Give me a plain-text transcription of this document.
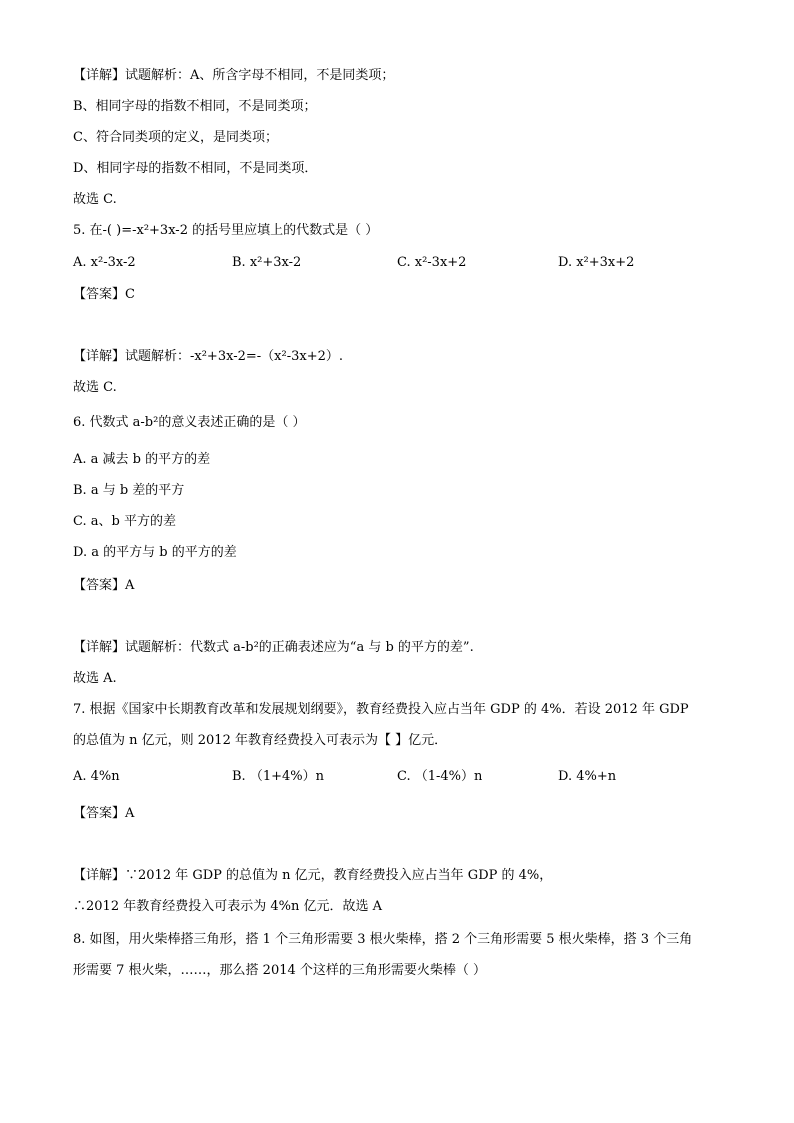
【详解】试题解析：A、所含字母不相同，不是同类项；
B、相同字母的指数不相同，不是同类项；
C、符合同类项的定义，是同类项；
D、相同字母的指数不相同，不是同类项．
故选 C.
5. 在-( )=-x²+3x-2 的括号里应填上的代数式是（ ）
A. x²-3x-2	B. x²+3x-2	C. x²-3x+2	D. x²+3x+2
【答案】C
【详解】试题解析：-x²+3x-2=-（x²-3x+2）.
故选 C.
6. 代数式 a-b²的意义表述正确的是（ ）
A. a 减去 b 的平方的差
B. a 与 b 差的平方
C. a、b 平方的差
D. a 的平方与 b 的平方的差
【答案】A
【详解】试题解析：代数式 a-b²的正确表述应为“a 与 b 的平方的差”.
故选 A.
7. 根据《国家中长期教育改革和发展规划纲要》，教育经费投入应占当年 GDP 的 4%．若设 2012 年 GDP
的总值为 n 亿元，则 2012 年教育经费投入可表示为【 】亿元．
A. 4%n	B. （1+4%）n	C. （1-4%）n	D. 4%+n
【答案】A
【详解】∵2012 年 GDP 的总值为 n 亿元，教育经费投入应占当年 GDP 的 4%，
∴2012 年教育经费投入可表示为 4%n 亿元．故选 A
8. 如图，用火柴棒搭三角形，搭 1 个三角形需要 3 根火柴棒，搭 2 个三角形需要 5 根火柴棒，搭 3 个三角
形需要 7 根火柴，……，那么搭 2014 个这样的三角形需要火柴棒（ ）
